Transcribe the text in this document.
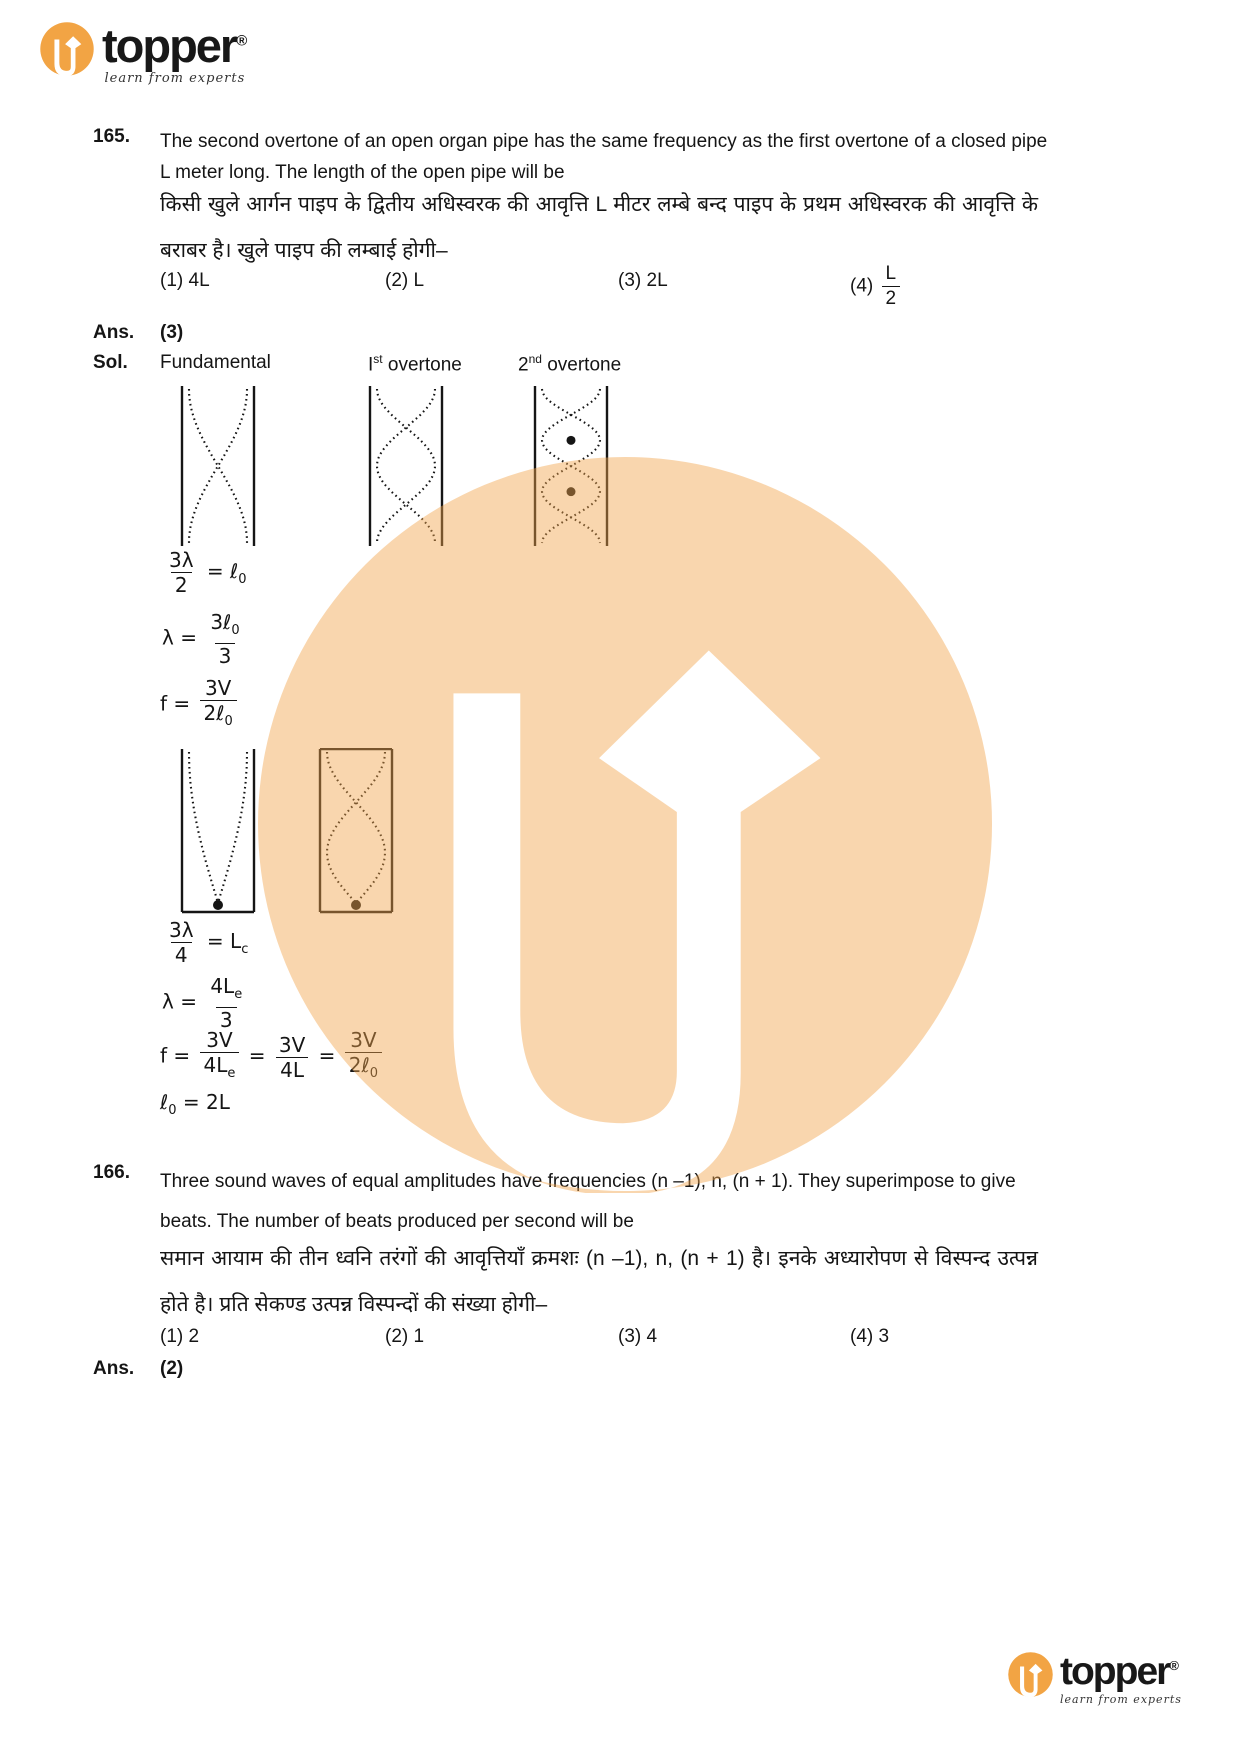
topper®
learn from experts
165. The second overtone of an open organ pipe has the same frequency as the first overtone of a closed pipe L meter long. The length of the open pipe will be
किसी खुले आर्गन पाइप के द्वितीय अधिस्वरक की आवृत्ति L मीटर लम्बे बन्द पाइप के प्रथम अधिस्वरक की आवृत्ति के बराबर है। खुले पाइप की लम्बाई होगी–
(1) 4L	(2) L	(3) 2L	$(4) \frac{L}{2}$
Ans. (3)
Sol. Fundamental	Ist overtone	2nd overtone
$\frac{3\lambda}{2}$ = ℓ$_0$
$\lambda = \frac{3\ell_0}{3}$
$f = \frac{3V}{2\ell_0}$
$\frac{3\lambda}{4} = L_c$
$\lambda = \frac{4L_e}{3}$
$f = \frac{3V}{4L_e} = \frac{3V}{4L} = \frac{3V}{2\ell_0}$
ℓ$_0$ = 2L
166. Three sound waves of equal amplitudes have frequencies (n –1), n, (n + 1). They superimpose to give beats. The number of beats produced per second will be
समान आयाम की तीन ध्वनि तरंगों की आवृत्तियाँ क्रमशः (n –1), n, (n + 1) है। इनके अध्यारोपण से विस्पन्द उत्पन्न होते है। प्रति सेकण्ड उत्पन्न विस्पन्दों की संख्या होगी–
(1) 2	(2) 1	(3) 4	(4) 3
Ans. (2)
topper®
learn from experts
